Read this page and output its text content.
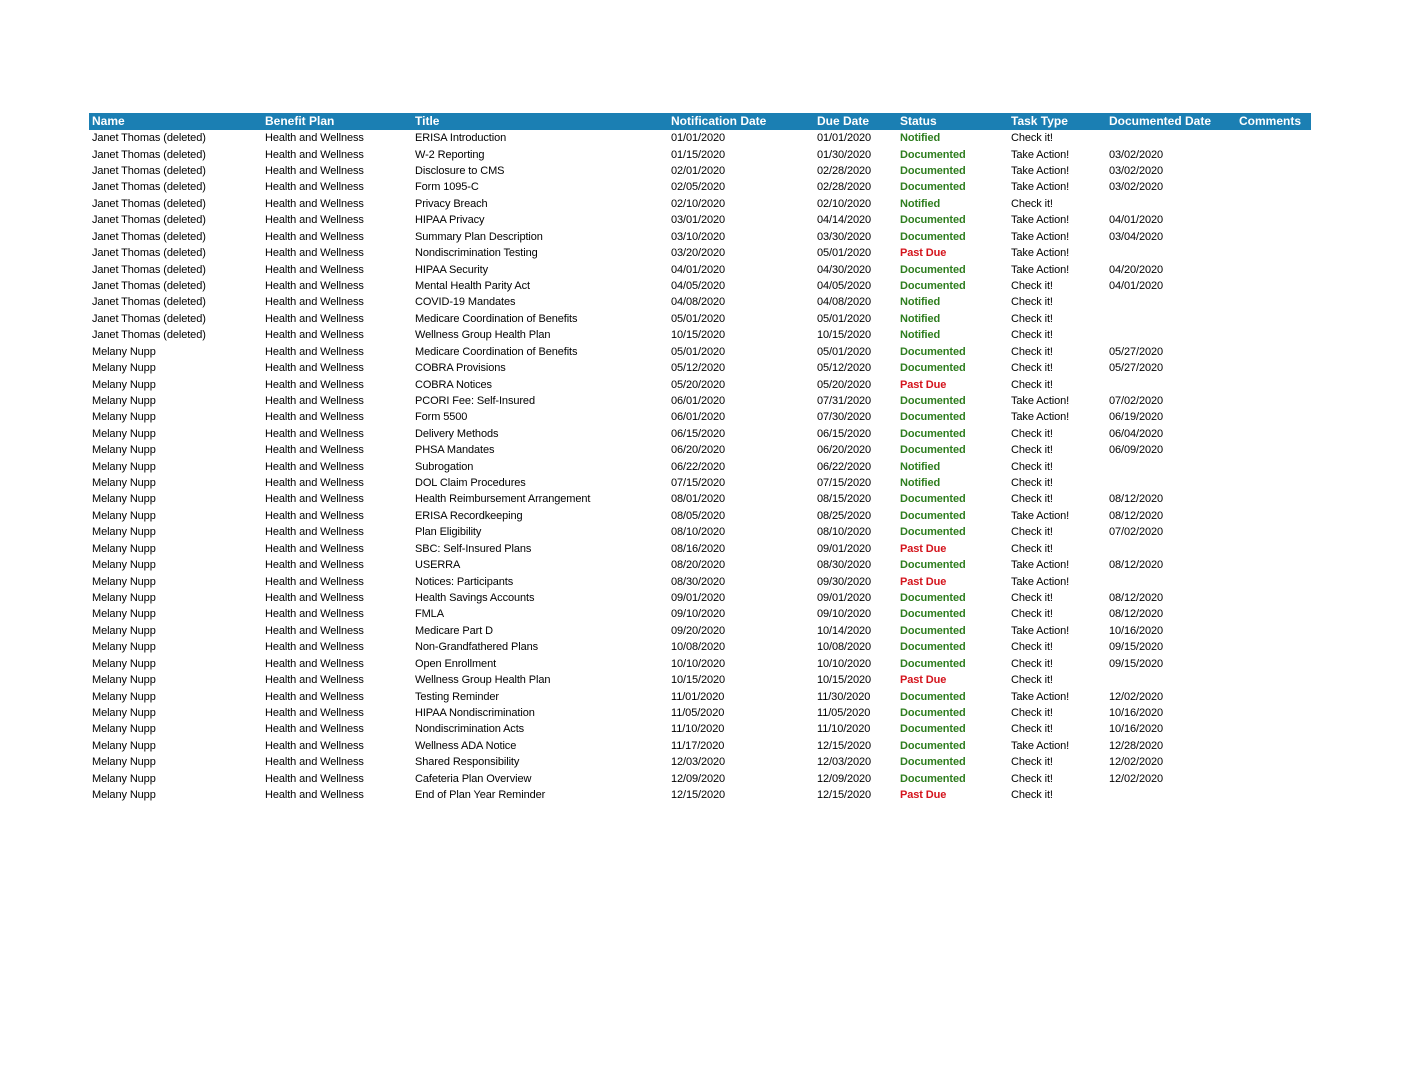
Name	Benefit Plan	Title	Notification Date	Due Date	Status	Task Type	Documented Date	Comments
Janet Thomas (deleted)	Health and Wellness	ERISA Introduction	01/01/2020	01/01/2020	Notified	Check it!		
Janet Thomas (deleted)	Health and Wellness	W-2 Reporting	01/15/2020	01/30/2020	Documented	Take Action!	03/02/2020	
Janet Thomas (deleted)	Health and Wellness	Disclosure to CMS	02/01/2020	02/28/2020	Documented	Take Action!	03/02/2020	
Janet Thomas (deleted)	Health and Wellness	Form 1095-C	02/05/2020	02/28/2020	Documented	Take Action!	03/02/2020	
Janet Thomas (deleted)	Health and Wellness	Privacy Breach	02/10/2020	02/10/2020	Notified	Check it!		
Janet Thomas (deleted)	Health and Wellness	HIPAA Privacy	03/01/2020	04/14/2020	Documented	Take Action!	04/01/2020	
Janet Thomas (deleted)	Health and Wellness	Summary Plan Description	03/10/2020	03/30/2020	Documented	Take Action!	03/04/2020	
Janet Thomas (deleted)	Health and Wellness	Nondiscrimination Testing	03/20/2020	05/01/2020	Past Due	Take Action!		
Janet Thomas (deleted)	Health and Wellness	HIPAA Security	04/01/2020	04/30/2020	Documented	Take Action!	04/20/2020	
Janet Thomas (deleted)	Health and Wellness	Mental Health Parity Act	04/05/2020	04/05/2020	Documented	Check it!	04/01/2020	
Janet Thomas (deleted)	Health and Wellness	COVID-19 Mandates	04/08/2020	04/08/2020	Notified	Check it!		
Janet Thomas (deleted)	Health and Wellness	Medicare Coordination of Benefits	05/01/2020	05/01/2020	Notified	Check it!		
Janet Thomas (deleted)	Health and Wellness	Wellness Group Health Plan	10/15/2020	10/15/2020	Notified	Check it!		
Melany Nupp	Health and Wellness	Medicare Coordination of Benefits	05/01/2020	05/01/2020	Documented	Check it!	05/27/2020	
Melany Nupp	Health and Wellness	COBRA Provisions	05/12/2020	05/12/2020	Documented	Check it!	05/27/2020	
Melany Nupp	Health and Wellness	COBRA Notices	05/20/2020	05/20/2020	Past Due	Check it!		
Melany Nupp	Health and Wellness	PCORI Fee: Self-Insured	06/01/2020	07/31/2020	Documented	Take Action!	07/02/2020	
Melany Nupp	Health and Wellness	Form 5500	06/01/2020	07/30/2020	Documented	Take Action!	06/19/2020	
Melany Nupp	Health and Wellness	Delivery Methods	06/15/2020	06/15/2020	Documented	Check it!	06/04/2020	
Melany Nupp	Health and Wellness	PHSA Mandates	06/20/2020	06/20/2020	Documented	Check it!	06/09/2020	
Melany Nupp	Health and Wellness	Subrogation	06/22/2020	06/22/2020	Notified	Check it!		
Melany Nupp	Health and Wellness	DOL Claim Procedures	07/15/2020	07/15/2020	Notified	Check it!		
Melany Nupp	Health and Wellness	Health Reimbursement Arrangement	08/01/2020	08/15/2020	Documented	Check it!	08/12/2020	
Melany Nupp	Health and Wellness	ERISA Recordkeeping	08/05/2020	08/25/2020	Documented	Take Action!	08/12/2020	
Melany Nupp	Health and Wellness	Plan Eligibility	08/10/2020	08/10/2020	Documented	Check it!	07/02/2020	
Melany Nupp	Health and Wellness	SBC: Self-Insured Plans	08/16/2020	09/01/2020	Past Due	Check it!		
Melany Nupp	Health and Wellness	USERRA	08/20/2020	08/30/2020	Documented	Take Action!	08/12/2020	
Melany Nupp	Health and Wellness	Notices: Participants	08/30/2020	09/30/2020	Past Due	Take Action!		
Melany Nupp	Health and Wellness	Health Savings Accounts	09/01/2020	09/01/2020	Documented	Check it!	08/12/2020	
Melany Nupp	Health and Wellness	FMLA	09/10/2020	09/10/2020	Documented	Check it!	08/12/2020	
Melany Nupp	Health and Wellness	Medicare Part D	09/20/2020	10/14/2020	Documented	Take Action!	10/16/2020	
Melany Nupp	Health and Wellness	Non-Grandfathered Plans	10/08/2020	10/08/2020	Documented	Check it!	09/15/2020	
Melany Nupp	Health and Wellness	Open Enrollment	10/10/2020	10/10/2020	Documented	Check it!	09/15/2020	
Melany Nupp	Health and Wellness	Wellness Group Health Plan	10/15/2020	10/15/2020	Past Due	Check it!		
Melany Nupp	Health and Wellness	Testing Reminder	11/01/2020	11/30/2020	Documented	Take Action!	12/02/2020	
Melany Nupp	Health and Wellness	HIPAA Nondiscrimination	11/05/2020	11/05/2020	Documented	Check it!	10/16/2020	
Melany Nupp	Health and Wellness	Nondiscrimination Acts	11/10/2020	11/10/2020	Documented	Check it!	10/16/2020	
Melany Nupp	Health and Wellness	Wellness ADA Notice	11/17/2020	12/15/2020	Documented	Take Action!	12/28/2020	
Melany Nupp	Health and Wellness	Shared Responsibility	12/03/2020	12/03/2020	Documented	Check it!	12/02/2020	
Melany Nupp	Health and Wellness	Cafeteria Plan Overview	12/09/2020	12/09/2020	Documented	Check it!	12/02/2020	
Melany Nupp	Health and Wellness	End of Plan Year Reminder	12/15/2020	12/15/2020	Past Due	Check it!		
